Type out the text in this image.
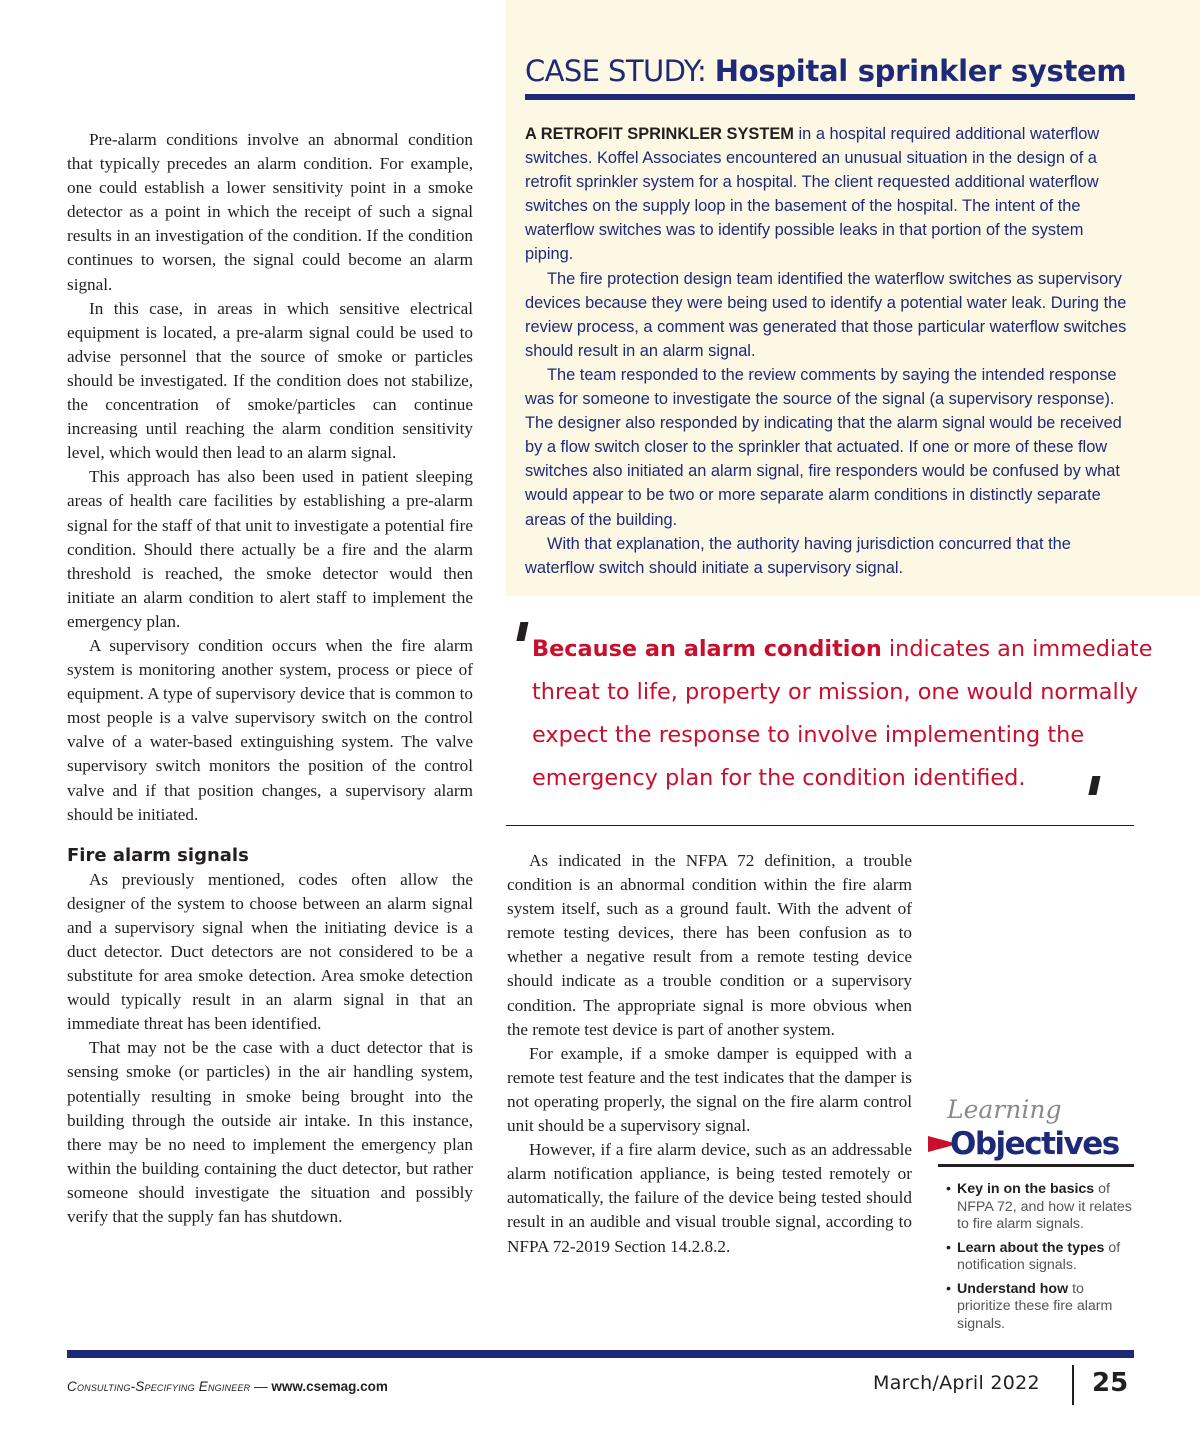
Pre-alarm conditions involve an abnormal condition that typically precedes an alarm condition. For example, one could establish a lower sensitivity point in a smoke detector as a point in which the receipt of such a signal results in an investigation of the condition. If the condition continues to worsen, the signal could become an alarm signal.

In this case, in areas in which sensitive electrical equipment is located, a pre-alarm signal could be used to advise personnel that the source of smoke or particles should be investigated. If the condition does not stabilize, the concentration of smoke/particles can continue increasing until reaching the alarm condition sensitivity level, which would then lead to an alarm signal.

This approach has also been used in patient sleeping areas of health care facilities by establishing a pre-alarm signal for the staff of that unit to investigate a potential fire condition. Should there actually be a fire and the alarm threshold is reached, the smoke detector would then initiate an alarm condition to alert staff to implement the emergency plan.

A supervisory condition occurs when the fire alarm system is monitoring another system, process or piece of equipment. A type of supervisory device that is common to most people is a valve supervisory switch on the control valve of a water-based extinguishing system. The valve supervisory switch monitors the position of the control valve and if that position changes, a supervisory alarm should be initiated.

Fire alarm signals

As previously mentioned, codes often allow the designer of the system to choose between an alarm signal and a supervisory signal when the initiating device is a duct detector. Duct detectors are not considered to be a substitute for area smoke detection. Area smoke detection would typically result in an alarm signal in that an immediate threat has been identified.

That may not be the case with a duct detector that is sensing smoke (or particles) in the air handling system, potentially resulting in smoke being brought into the building through the outside air intake. In this instance, there may be no need to implement the emergency plan within the building containing the duct detector, but rather someone should investigate the situation and possibly verify that the supply fan has shutdown.

CASE STUDY: Hospital sprinkler system

A RETROFIT SPRINKLER SYSTEM in a hospital required additional waterflow switches. Koffel Associates encountered an unusual situation in the design of a retrofit sprinkler system for a hospital. The client requested additional waterflow switches on the supply loop in the basement of the hospital. The intent of the waterflow switches was to identify possible leaks in that portion of the system piping.

The fire protection design team identified the waterflow switches as supervisory devices because they were being used to identify a potential water leak. During the review process, a comment was generated that those particular waterflow switches should result in an alarm signal.

The team responded to the review comments by saying the intended response was for someone to investigate the source of the signal (a supervisory response). The designer also responded by indicating that the alarm signal would be received by a flow switch closer to the sprinkler that actuated. If one or more of these flow switches also initiated an alarm signal, fire responders would be confused by what would appear to be two or more separate alarm conditions in distinctly separate areas of the building.

With that explanation, the authority having jurisdiction concurred that the waterflow switch should initiate a supervisory signal.

'
Because an alarm condition indicates an immediate threat to life, property or mission, one would normally expect the response to involve implementing the emergency plan for the condition identified. '

As indicated in the NFPA 72 definition, a trouble condition is an abnormal condition within the fire alarm system itself, such as a ground fault. With the advent of remote testing devices, there has been confusion as to whether a negative result from a remote testing device should indicate as a trouble condition or a supervisory condition. The appropriate signal is more obvious when the remote test device is part of another system.

For example, if a smoke damper is equipped with a remote test feature and the test indicates that the damper is not operating properly, the signal on the fire alarm control unit should be a supervisory signal.

However, if a fire alarm device, such as an addressable alarm notification appliance, is being tested remotely or automatically, the failure of the device being tested should result in an audible and visual trouble signal, according to NFPA 72-2019 Section 14.2.8.2.

Learning
Objectives
• Key in on the basics of NFPA 72, and how it relates to fire alarm signals.
• Learn about the types of notification signals.
• Understand how to prioritize these fire alarm signals.
Consulting-Specifying Engineer — www.csemag.com	March/April 2022 25
